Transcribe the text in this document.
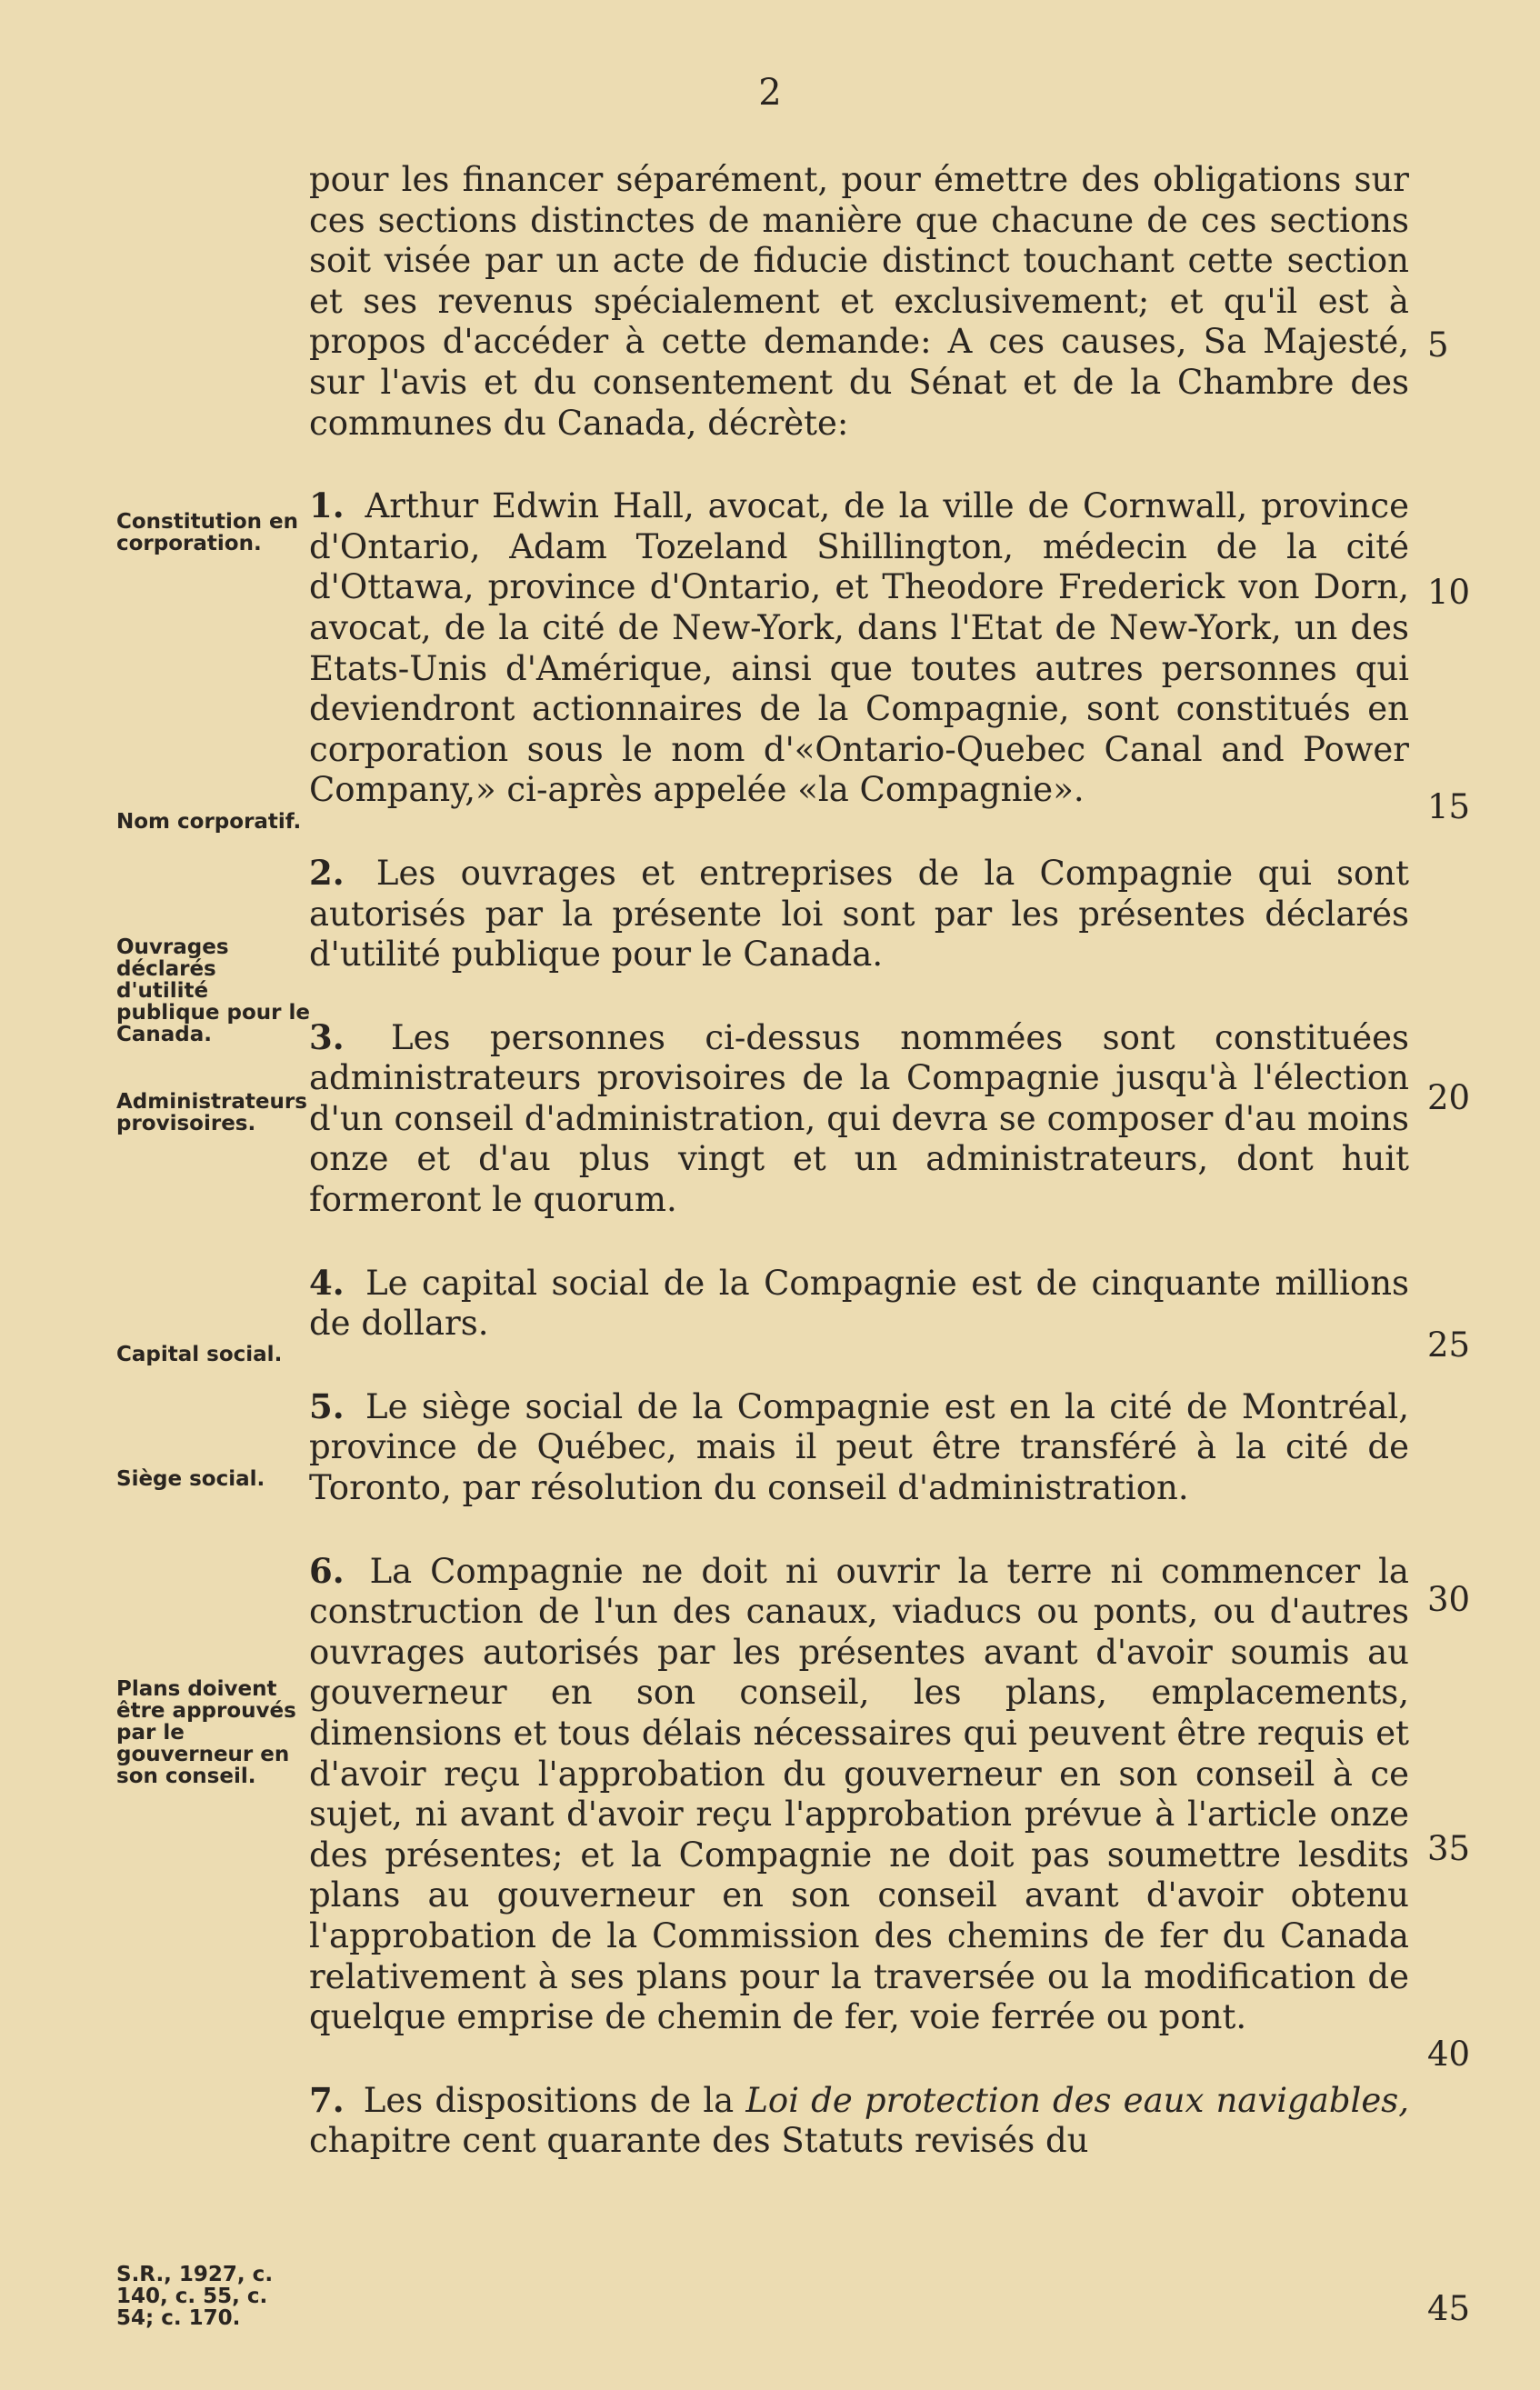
2

pour les financer séparément, pour émettre des obligations sur ces sections distinctes de manière que chacune de ces sections soit visée par un acte de fiducie distinct touchant cette section et ses revenus spécialement et exclusivement; et qu'il est à propos d'accéder à cette demande: A ces causes, Sa Majesté, sur l'avis et du consentement du Sénat et de la Chambre des communes du Canada, décrète:

1. Arthur Edwin Hall, avocat, de la ville de Cornwall, province d'Ontario, Adam Tozeland Shillington, médecin de la cité d'Ottawa, province d'Ontario, et Theodore Frederick von Dorn, avocat, de la cité de New-York, dans l'Etat de New-York, un des Etats-Unis d'Amérique, ainsi que toutes autres personnes qui deviendront actionnaires de la Compagnie, sont constitués en corporation sous le nom d'«Ontario-Quebec Canal and Power Company,» ci-après appelée «la Compagnie».

2. Les ouvrages et entreprises de la Compagnie qui sont autorisés par la présente loi sont par les présentes déclarés d'utilité publique pour le Canada.

3. Les personnes ci-dessus nommées sont constituées administrateurs provisoires de la Compagnie jusqu'à l'élection d'un conseil d'administration, qui devra se composer d'au moins onze et d'au plus vingt et un administrateurs, dont huit formeront le quorum.

4. Le capital social de la Compagnie est de cinquante millions de dollars.

5. Le siège social de la Compagnie est en la cité de Montréal, province de Québec, mais il peut être transféré à la cité de Toronto, par résolution du conseil d'administration.

6. La Compagnie ne doit ni ouvrir la terre ni commencer la construction de l'un des canaux, viaducs ou ponts, ou d'autres ouvrages autorisés par les présentes avant d'avoir soumis au gouverneur en son conseil, les plans, emplacements, dimensions et tous délais nécessaires qui peuvent être requis et d'avoir reçu l'approbation du gouverneur en son conseil à ce sujet, ni avant d'avoir reçu l'approbation prévue à l'article onze des présentes; et la Compagnie ne doit pas soumettre lesdits plans au gouverneur en son conseil avant d'avoir obtenu l'approbation de la Commission des chemins de fer du Canada relativement à ses plans pour la traversée ou la modification de quelque emprise de chemin de fer, voie ferrée ou pont.

7. Les dispositions de la Loi de protection des eaux navigables, chapitre cent quarante des Statuts revisés du

Constitution en corporation.
Nom corporatif.
Ouvrages déclarés d'utilité publique pour le Canada.
Administrateurs provisoires.
Capital social.
Siège social.
Plans doivent être approuvés par le gouverneur en son conseil.
S.R., 1927, c. 140, c. 55, c. 54; c. 170.
5
10
15
20
25
30
35
40
45
